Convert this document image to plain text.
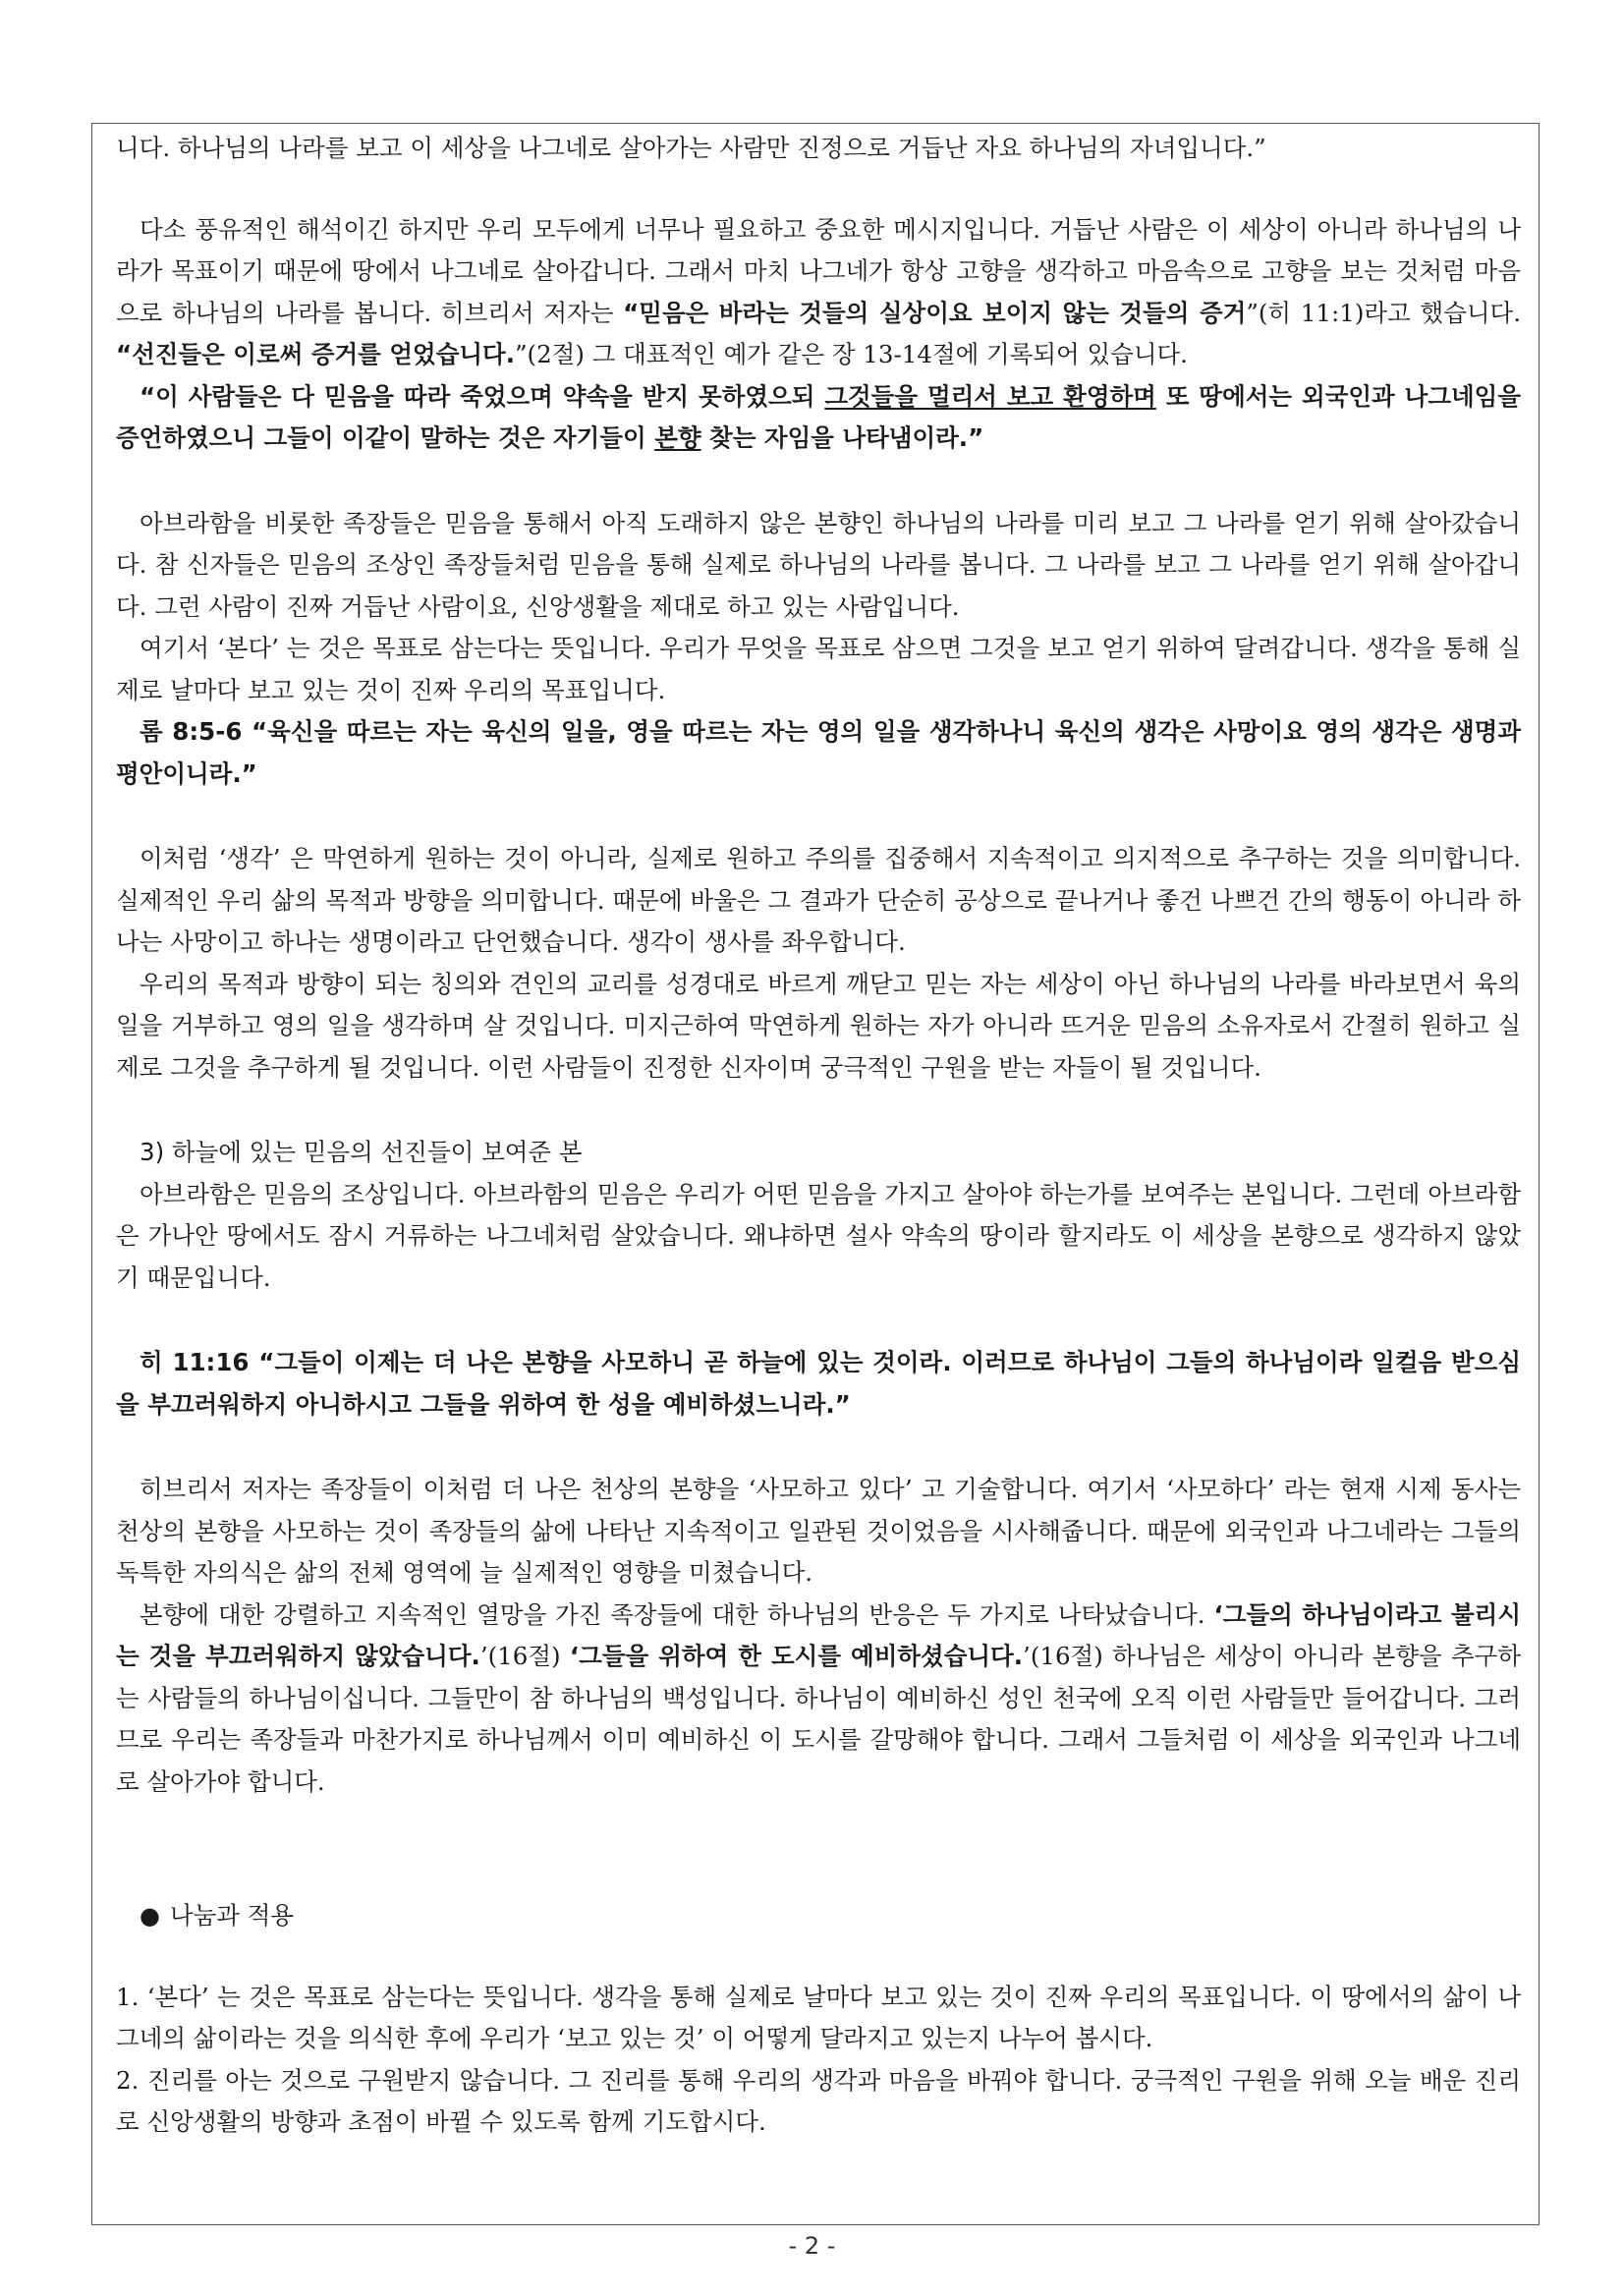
니다. 하나님의 나라를 보고 이 세상을 나그네로 살아가는 사람만 진정으로 거듭난 자요 하나님의 자녀입니다.”

다소 풍유적인 해석이긴 하지만 우리 모두에게 너무나 필요하고 중요한 메시지입니다. 거듭난 사람은 이 세상이 아니라 하나님의 나라가 목표이기 때문에 땅에서 나그네로 살아갑니다. 그래서 마치 나그네가 항상 고향을 생각하고 마음속으로 고향을 보는 것처럼 마음으로 하나님의 나라를 봅니다. 히브리서 저자는 “믿음은 바라는 것들의 실상이요 보이지 않는 것들의 증거”(히 11:1)라고 했습니다. “선진들은 이로써 증거를 얻었습니다.”(2절) 그 대표적인 예가 같은 장 13-14절에 기록되어 있습니다.

“이 사람들은 다 믿음을 따라 죽었으며 약속을 받지 못하였으되 그것들을 멀리서 보고 환영하며 또 땅에서는 외국인과 나그네임을 증언하였으니 그들이 이같이 말하는 것은 자기들이 본향 찾는 자임을 나타냄이라.”

아브라함을 비롯한 족장들은 믿음을 통해서 아직 도래하지 않은 본향인 하나님의 나라를 미리 보고 그 나라를 얻기 위해 살아갔습니다. 참 신자들은 믿음의 조상인 족장들처럼 믿음을 통해 실제로 하나님의 나라를 봅니다. 그 나라를 보고 그 나라를 얻기 위해 살아갑니다. 그런 사람이 진짜 거듭난 사람이요, 신앙생활을 제대로 하고 있는 사람입니다.

여기서 ‘본다’ 는 것은 목표로 삼는다는 뜻입니다. 우리가 무엇을 목표로 삼으면 그것을 보고 얻기 위하여 달려갑니다. 생각을 통해 실제로 날마다 보고 있는 것이 진짜 우리의 목표입니다.

롬 8:5-6 “육신을 따르는 자는 육신의 일을, 영을 따르는 자는 영의 일을 생각하나니 육신의 생각은 사망이요 영의 생각은 생명과 평안이니라.”

이처럼 ‘생각’ 은 막연하게 원하는 것이 아니라, 실제로 원하고 주의를 집중해서 지속적이고 의지적으로 추구하는 것을 의미합니다. 실제적인 우리 삶의 목적과 방향을 의미합니다. 때문에 바울은 그 결과가 단순히 공상으로 끝나거나 좋건 나쁘건 간의 행동이 아니라 하나는 사망이고 하나는 생명이라고 단언했습니다. 생각이 생사를 좌우합니다.

우리의 목적과 방향이 되는 칭의와 견인의 교리를 성경대로 바르게 깨닫고 믿는 자는 세상이 아닌 하나님의 나라를 바라보면서 육의 일을 거부하고 영의 일을 생각하며 살 것입니다. 미지근하여 막연하게 원하는 자가 아니라 뜨거운 믿음의 소유자로서 간절히 원하고 실제로 그것을 추구하게 될 것입니다. 이런 사람들이 진정한 신자이며 궁극적인 구원을 받는 자들이 될 것입니다.

3) 하늘에 있는 믿음의 선진들이 보여준 본

아브라함은 믿음의 조상입니다. 아브라함의 믿음은 우리가 어떤 믿음을 가지고 살아야 하는가를 보여주는 본입니다. 그런데 아브라함은 가나안 땅에서도 잠시 거류하는 나그네처럼 살았습니다. 왜냐하면 설사 약속의 땅이라 할지라도 이 세상을 본향으로 생각하지 않았기 때문입니다.

히 11:16 “그들이 이제는 더 나은 본향을 사모하니 곧 하늘에 있는 것이라. 이러므로 하나님이 그들의 하나님이라 일컬음 받으심을 부끄러워하지 아니하시고 그들을 위하여 한 성을 예비하셨느니라.”

히브리서 저자는 족장들이 이처럼 더 나은 천상의 본향을 ‘사모하고 있다’ 고 기술합니다. 여기서 ‘사모하다’ 라는 현재 시제 동사는 천상의 본향을 사모하는 것이 족장들의 삶에 나타난 지속적이고 일관된 것이었음을 시사해줍니다. 때문에 외국인과 나그네라는 그들의 독특한 자의식은 삶의 전체 영역에 늘 실제적인 영향을 미쳤습니다.

본향에 대한 강렬하고 지속적인 열망을 가진 족장들에 대한 하나님의 반응은 두 가지로 나타났습니다. ‘그들의 하나님이라고 불리시는 것을 부끄러워하지 않았습니다.’(16절) ‘그들을 위하여 한 도시를 예비하셨습니다.’(16절) 하나님은 세상이 아니라 본향을 추구하는 사람들의 하나님이십니다. 그들만이 참 하나님의 백성입니다. 하나님이 예비하신 성인 천국에 오직 이런 사람들만 들어갑니다. 그러므로 우리는 족장들과 마찬가지로 하나님께서 이미 예비하신 이 도시를 갈망해야 합니다. 그래서 그들처럼 이 세상을 외국인과 나그네로 살아가야 합니다.

● 나눔과 적용

1. ‘본다’ 는 것은 목표로 삼는다는 뜻입니다. 생각을 통해 실제로 날마다 보고 있는 것이 진짜 우리의 목표입니다. 이 땅에서의 삶이 나그네의 삶이라는 것을 의식한 후에 우리가 ‘보고 있는 것’ 이 어떻게 달라지고 있는지 나누어 봅시다.

2. 진리를 아는 것으로 구원받지 않습니다. 그 진리를 통해 우리의 생각과 마음을 바꿔야 합니다. 궁극적인 구원을 위해 오늘 배운 진리로 신앙생활의 방향과 초점이 바뀔 수 있도록 함께 기도합시다.

- 2 -
